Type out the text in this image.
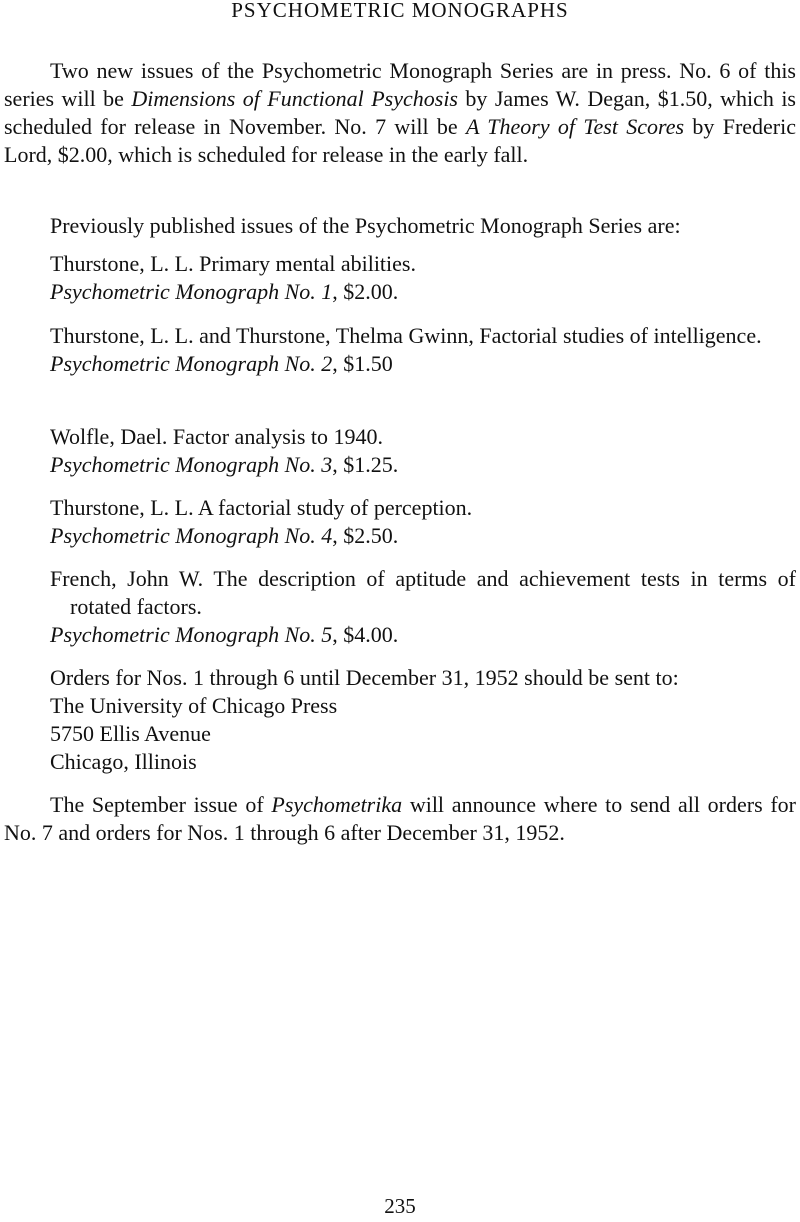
PSYCHOMETRIC MONOGRAPHS
Two new issues of the Psychometric Monograph Series are in press. No. 6 of this series will be Dimensions of Functional Psychosis by James W. Degan, $1.50, which is scheduled for release in November. No. 7 will be A Theory of Test Scores by Frederic Lord, $2.00, which is scheduled for release in the early fall.
Previously published issues of the Psychometric Monograph Series are:
Thurstone, L. L. Primary mental abilities.
Psychometric Monograph No. 1, $2.00.
Thurstone, L. L. and Thurstone, Thelma Gwinn, Factorial studies of intelligence.
Psychometric Monograph No. 2, $1.50
Wolfle, Dael. Factor analysis to 1940.
Psychometric Monograph No. 3, $1.25.
Thurstone, L. L. A factorial study of perception.
Psychometric Monograph No. 4, $2.50.
French, John W. The description of aptitude and achievement tests in terms of rotated factors.
Psychometric Monograph No. 5, $4.00.
Orders for Nos. 1 through 6 until December 31, 1952 should be sent to:
The University of Chicago Press
5750 Ellis Avenue
Chicago, Illinois
The September issue of Psychometrika will announce where to send all orders for No. 7 and orders for Nos. 1 through 6 after December 31, 1952.
235
